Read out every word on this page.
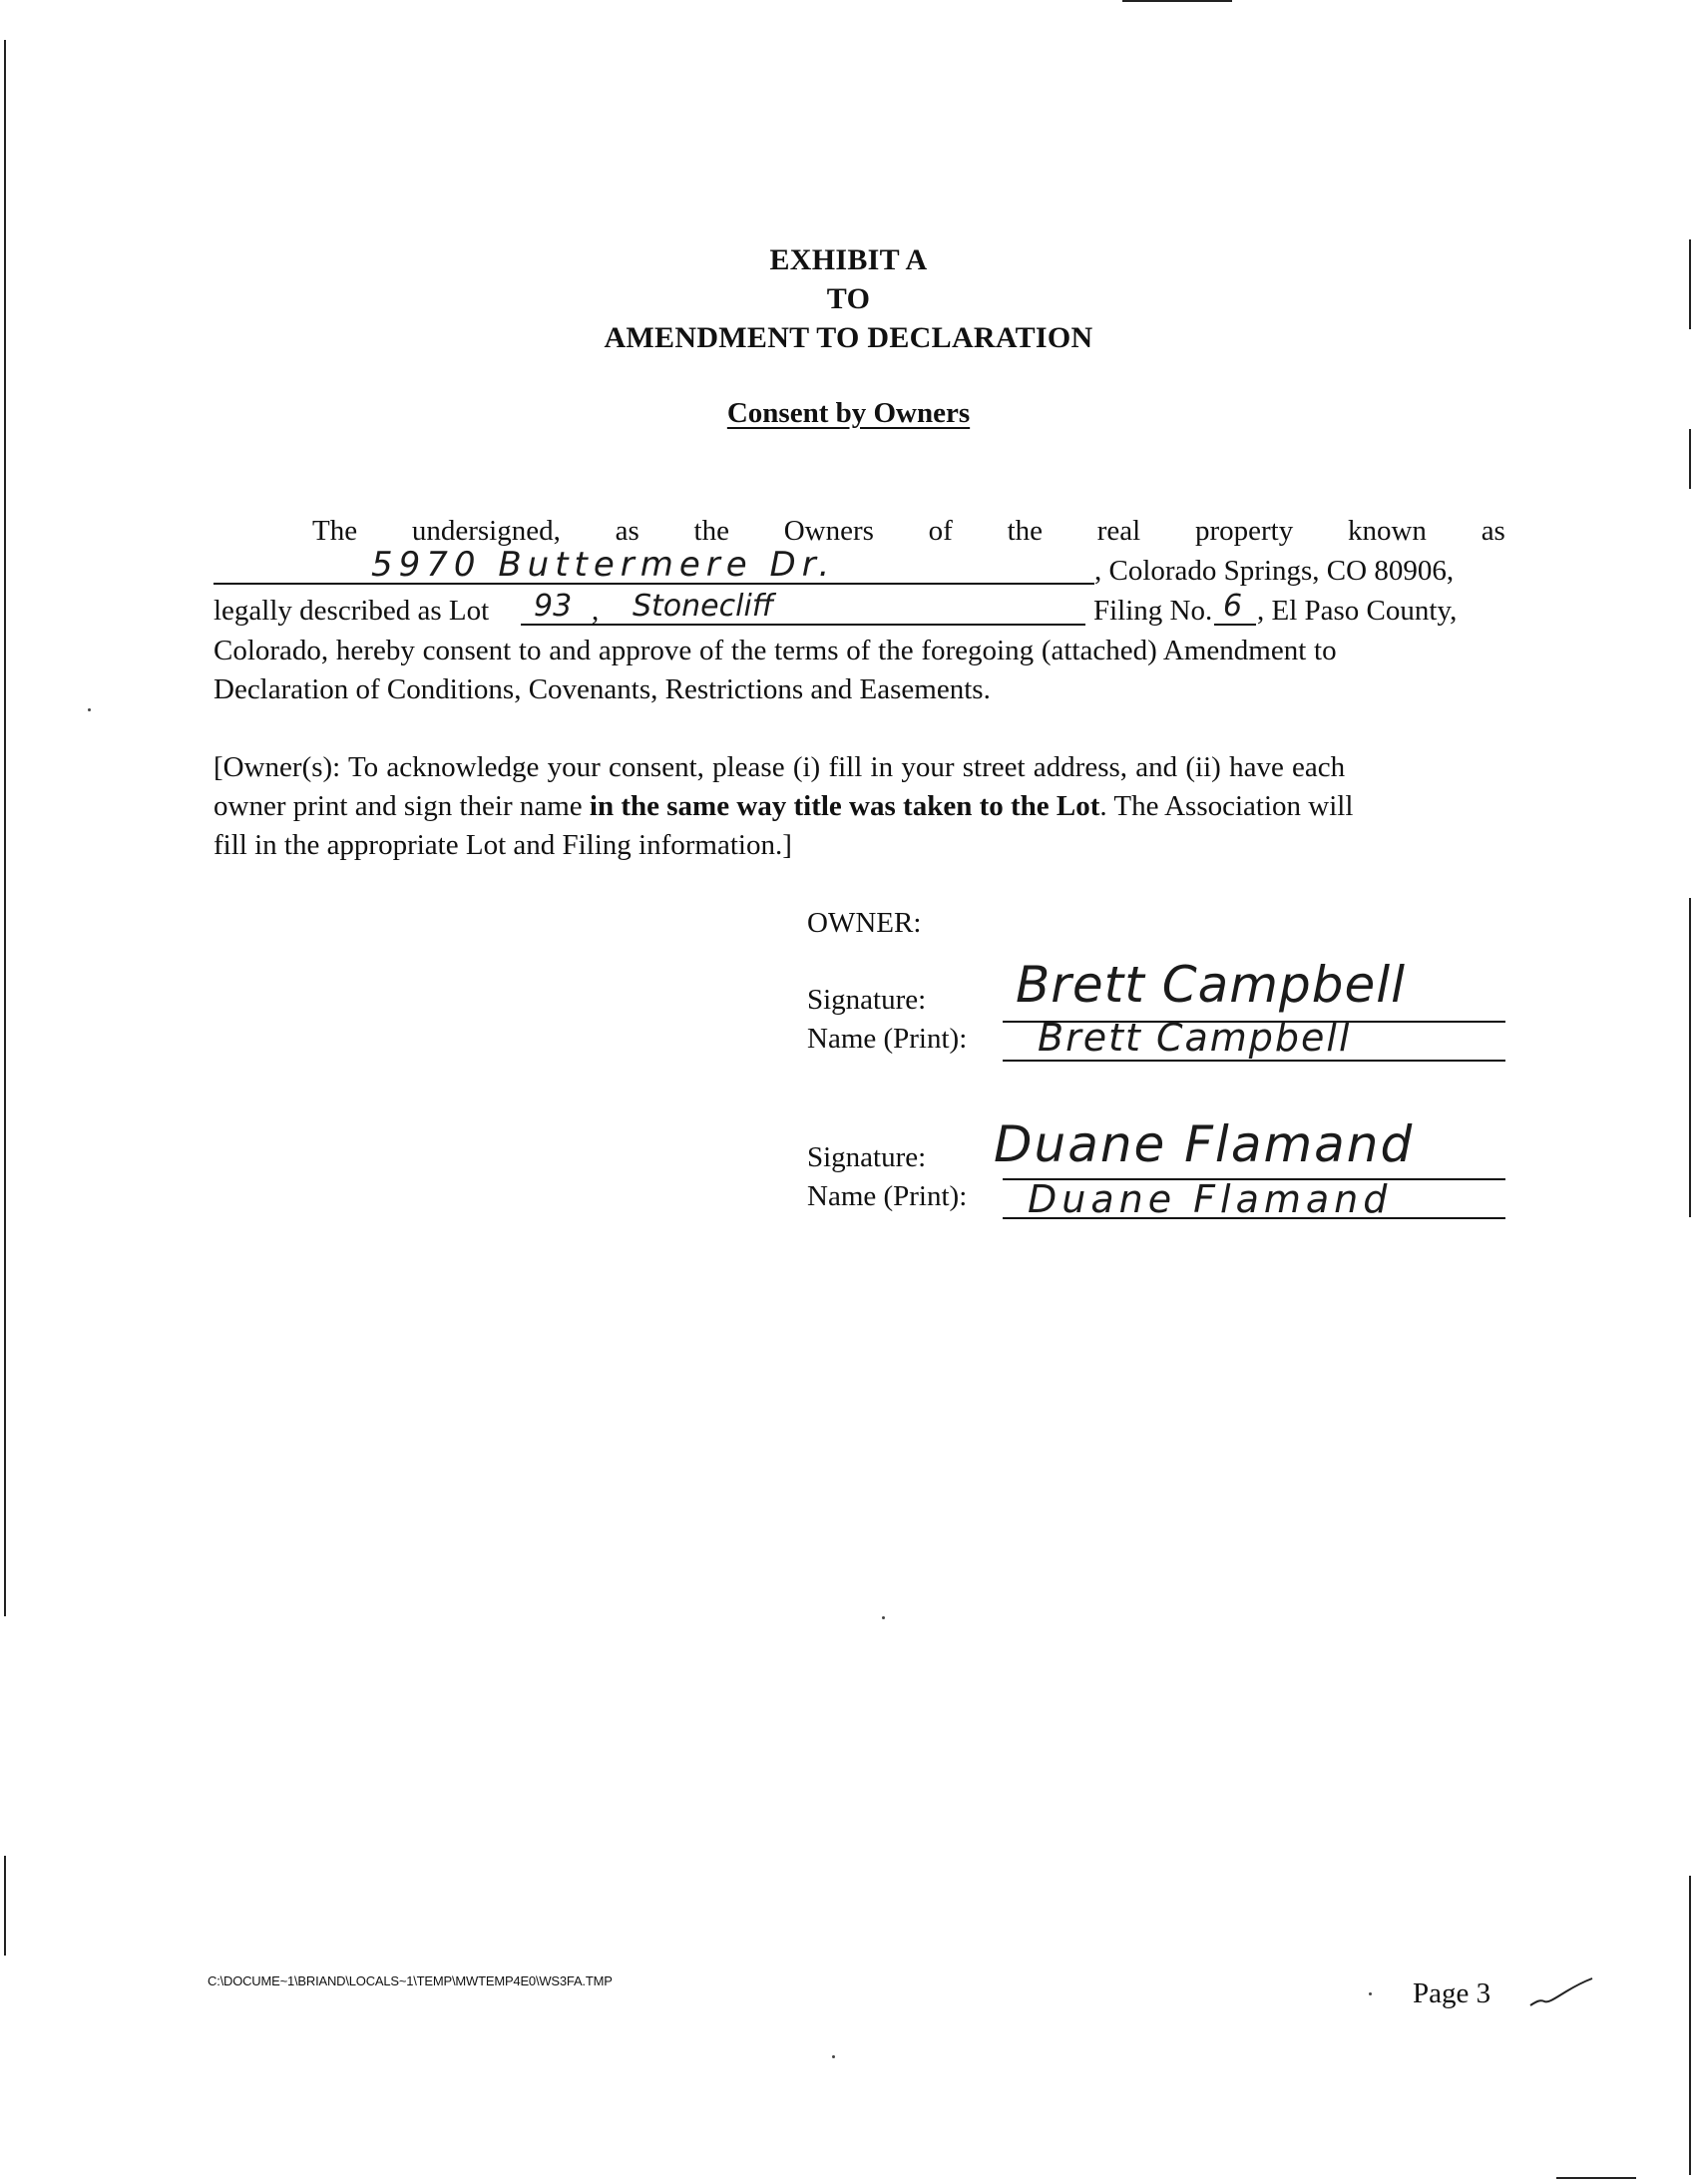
EXHIBIT A
TO
AMENDMENT TO DECLARATION
Consent by Owners
The undersigned, as the Owners of the real property known as
5970 Buttermere Dr.	, Colorado Springs, CO 80906,
legally described as Lot 93 , Stonecliff	Filing No. 6 , El Paso County,
Colorado, hereby consent to and approve of the terms of the foregoing (attached) Amendment to
Declaration of Conditions, Covenants, Restrictions and Easements.
[Owner(s): To acknowledge your consent, please (i) fill in your street address, and (ii) have each
owner print and sign their name in the same way title was taken to the Lot. The Association will
fill in the appropriate Lot and Filing information.]
OWNER:
Signature: Brett Campbell
Name (Print): Brett Campbell
Signature: Duane Flamand
Name (Print): Duane Flamand
C:\DOCUME~1\BRIAND\LOCALS~1\TEMP\MWTEMP4E0\WS3FA.TMP	Page 3
